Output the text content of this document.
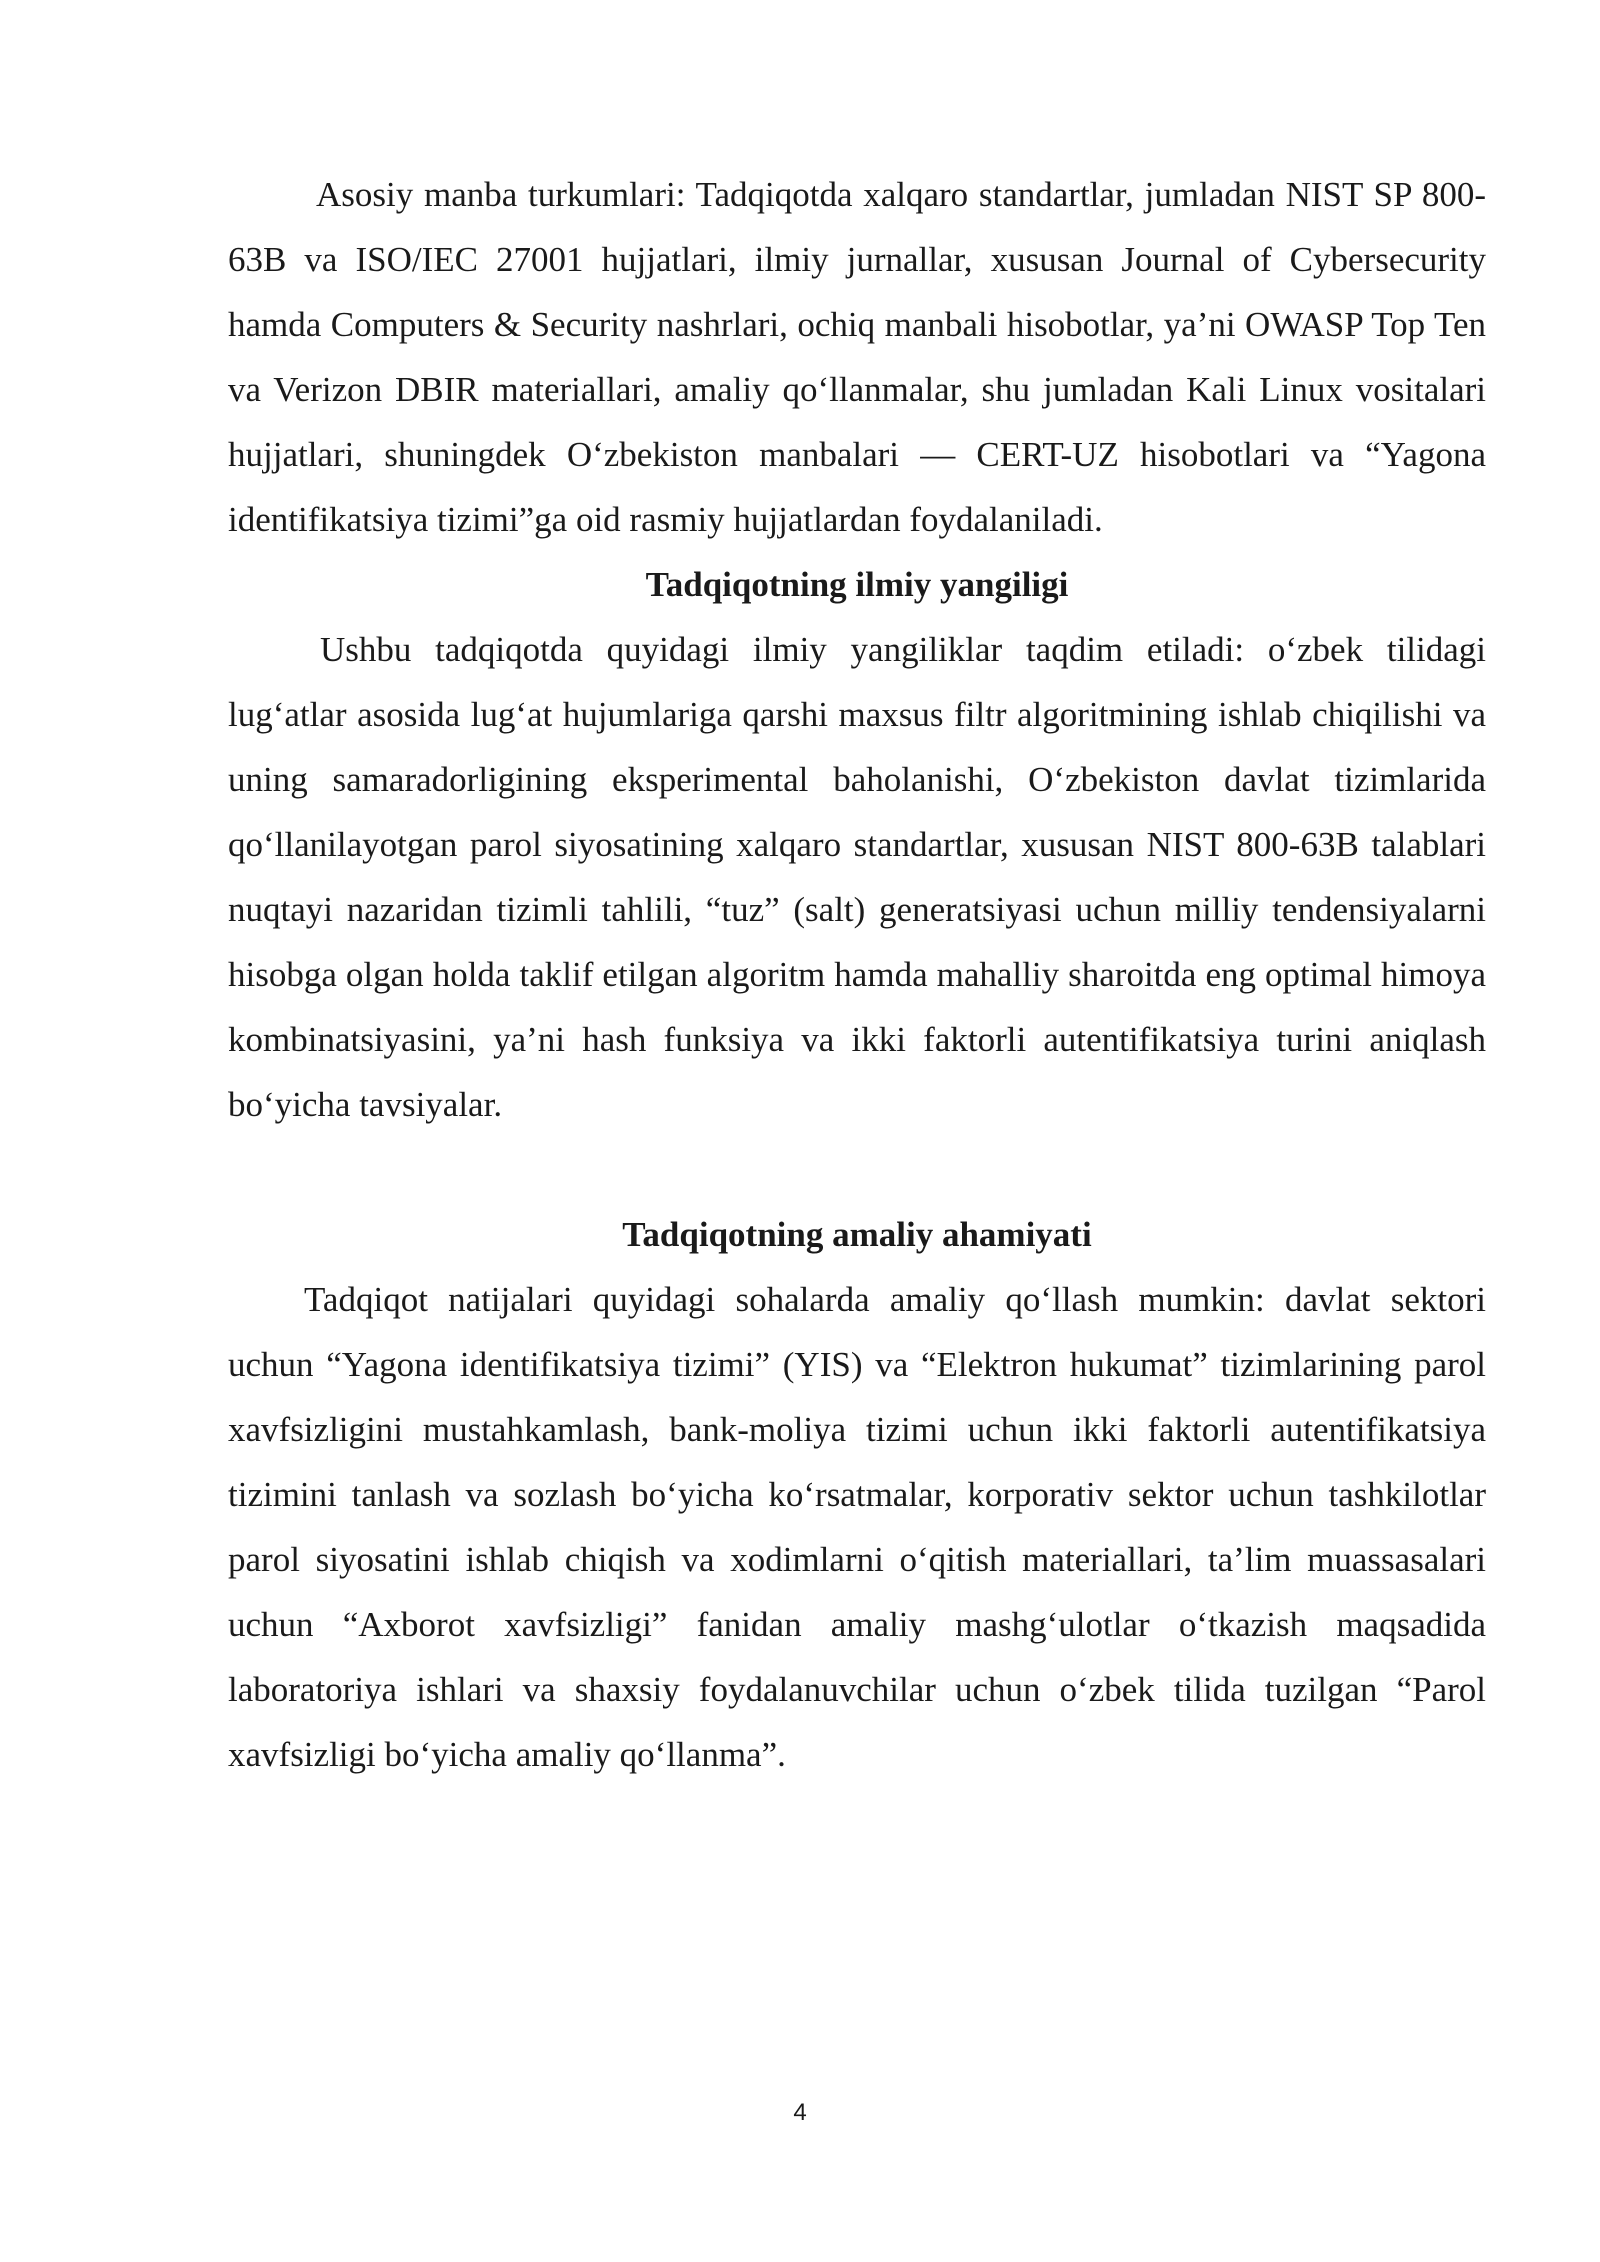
Asosiy manba turkumlari: Tadqiqotda xalqaro standartlar, jumladan NIST SP 800-63B va ISO/IEC 27001 hujjatlari, ilmiy jurnallar, xususan Journal of Cybersecurity hamda Computers & Security nashrlari, ochiq manbali hisobotlar, ya’ni OWASP Top Ten va Verizon DBIR materiallari, amaliy qo‘llanmalar, shu jumladan Kali Linux vositalari hujjatlari, shuningdek O‘zbekiston manbalari — CERT-UZ hisobotlari va “Yagona identifikatsiya tizimi”ga oid rasmiy hujjatlardan foydalaniladi.

Tadqiqotning ilmiy yangiligi

Ushbu tadqiqotda quyidagi ilmiy yangiliklar taqdim etiladi: o‘zbek tilidagi lug‘atlar asosida lug‘at hujumlariga qarshi maxsus filtr algoritmining ishlab chiqilishi va uning samaradorligining eksperimental baholanishi, O‘zbekiston davlat tizimlarida qo‘llanilayotgan parol siyosatining xalqaro standartlar, xususan NIST 800-63B talablari nuqtayi nazaridan tizimli tahlili, “tuz” (salt) generatsiyasi uchun milliy tendensiyalarni hisobga olgan holda taklif etilgan algoritm hamda mahalliy sharoitda eng optimal himoya kombinatsiyasini, ya’ni hash funksiya va ikki faktorli autentifikatsiya turini aniqlash bo‘yicha tavsiyalar.

Tadqiqotning amaliy ahamiyati

Tadqiqot natijalari quyidagi sohalarda amaliy qo‘llash mumkin: davlat sektori uchun “Yagona identifikatsiya tizimi” (YIS) va “Elektron hukumat” tizimlarining parol xavfsizligini mustahkamlash, bank-moliya tizimi uchun ikki faktorli autentifikatsiya tizimini tanlash va sozlash bo‘yicha ko‘rsatmalar, korporativ sektor uchun tashkilotlar parol siyosatini ishlab chiqish va xodimlarni o‘qitish materiallari, ta’lim muassasalari uchun “Axborot xavfsizligi” fanidan amaliy mashg‘ulotlar o‘tkazish maqsadida laboratoriya ishlari va shaxsiy foydalanuvchilar uchun o‘zbek tilida tuzilgan “Parol xavfsizligi bo‘yicha amaliy qo‘llanma”.

4
